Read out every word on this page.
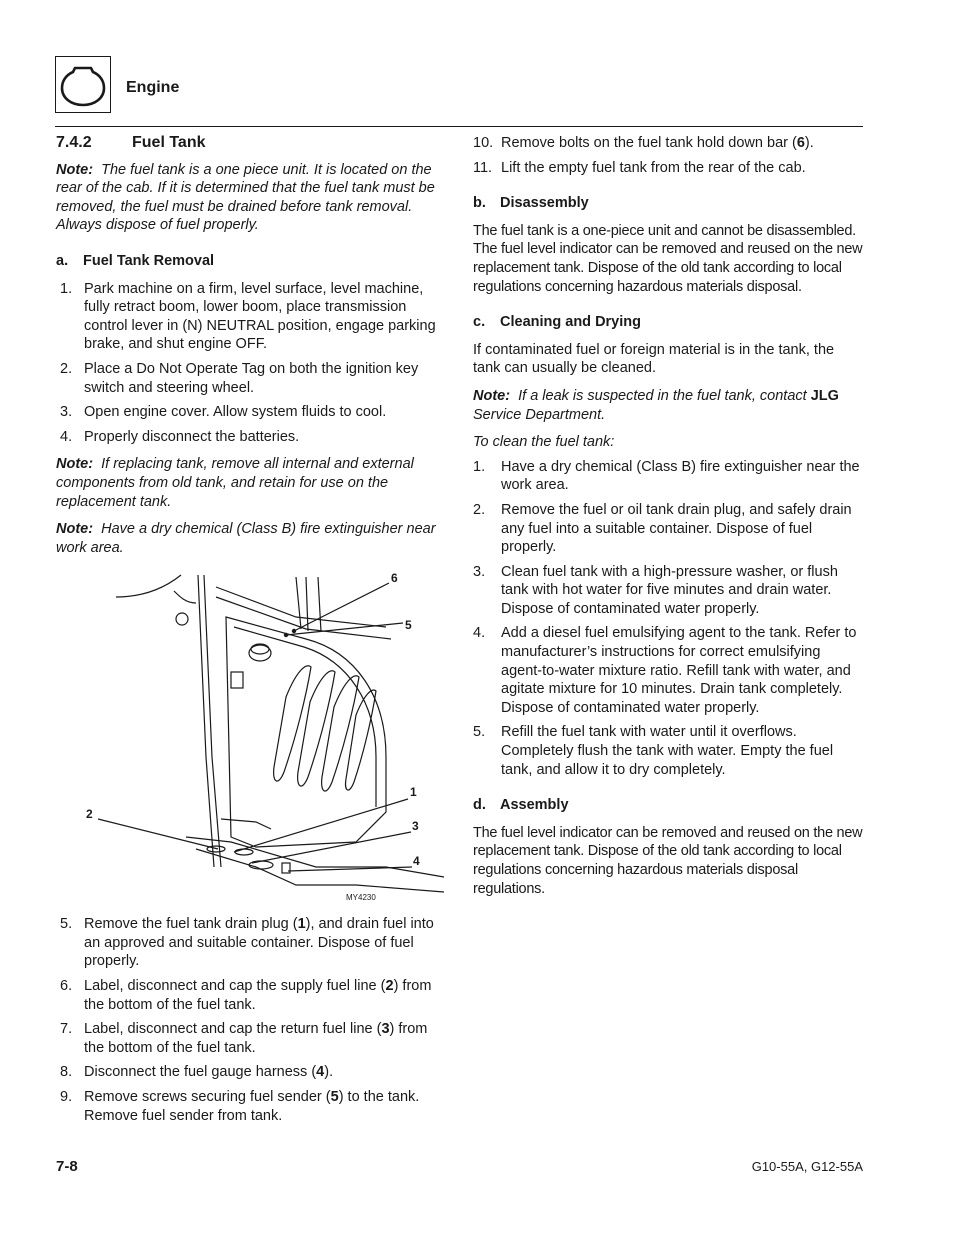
Engine
7.4.2	Fuel Tank
Note: The fuel tank is a one piece unit. It is located on the rear of the cab. If it is determined that the fuel tank must be removed, the fuel must be drained before tank removal. Always dispose of fuel properly.
a. Fuel Tank Removal
1. Park machine on a firm, level surface, level machine, fully retract boom, lower boom, place transmission control lever in (N) NEUTRAL position, engage parking brake, and shut engine OFF.
2. Place a Do Not Operate Tag on both the ignition key switch and steering wheel.
3. Open engine cover. Allow system fluids to cool.
4. Properly disconnect the batteries.
Note: If replacing tank, remove all internal and external components from old tank, and retain for use on the replacement tank.
Note: Have a dry chemical (Class B) fire extinguisher near work area.
6
5
2
1
3
4
MY4230
5. Remove the fuel tank drain plug (1), and drain fuel into an approved and suitable container. Dispose of fuel properly.
6. Label, disconnect and cap the supply fuel line (2) from the bottom of the fuel tank.
7. Label, disconnect and cap the return fuel line (3) from the bottom of the fuel tank.
8. Disconnect the fuel gauge harness (4).
9. Remove screws securing fuel sender (5) to the tank. Remove fuel sender from tank.
10. Remove bolts on the fuel tank hold down bar (6).
11. Lift the empty fuel tank from the rear of the cab.
b. Disassembly
The fuel tank is a one-piece unit and cannot be disassembled. The fuel level indicator can be removed and reused on the new replacement tank. Dispose of the old tank according to local regulations concerning hazardous materials disposal.
c. Cleaning and Drying
If contaminated fuel or foreign material is in the tank, the tank can usually be cleaned.
Note: If a leak is suspected in the fuel tank, contact JLG Service Department.
To clean the fuel tank:
1. Have a dry chemical (Class B) fire extinguisher near the work area.
2. Remove the fuel or oil tank drain plug, and safely drain any fuel into a suitable container. Dispose of fuel properly.
3. Clean fuel tank with a high-pressure washer, or flush tank with hot water for five minutes and drain water. Dispose of contaminated water properly.
4. Add a diesel fuel emulsifying agent to the tank. Refer to manufacturer’s instructions for correct emulsifying agent-to-water mixture ratio. Refill tank with water, and agitate mixture for 10 minutes. Drain tank completely. Dispose of contaminated water properly.
5. Refill the fuel tank with water until it overflows. Completely flush the tank with water. Empty the fuel tank, and allow it to dry completely.
d. Assembly
The fuel level indicator can be removed and reused on the new replacement tank. Dispose of the old tank according to local regulations concerning hazardous materials disposal regulations.
7-8	G10-55A, G12-55A
